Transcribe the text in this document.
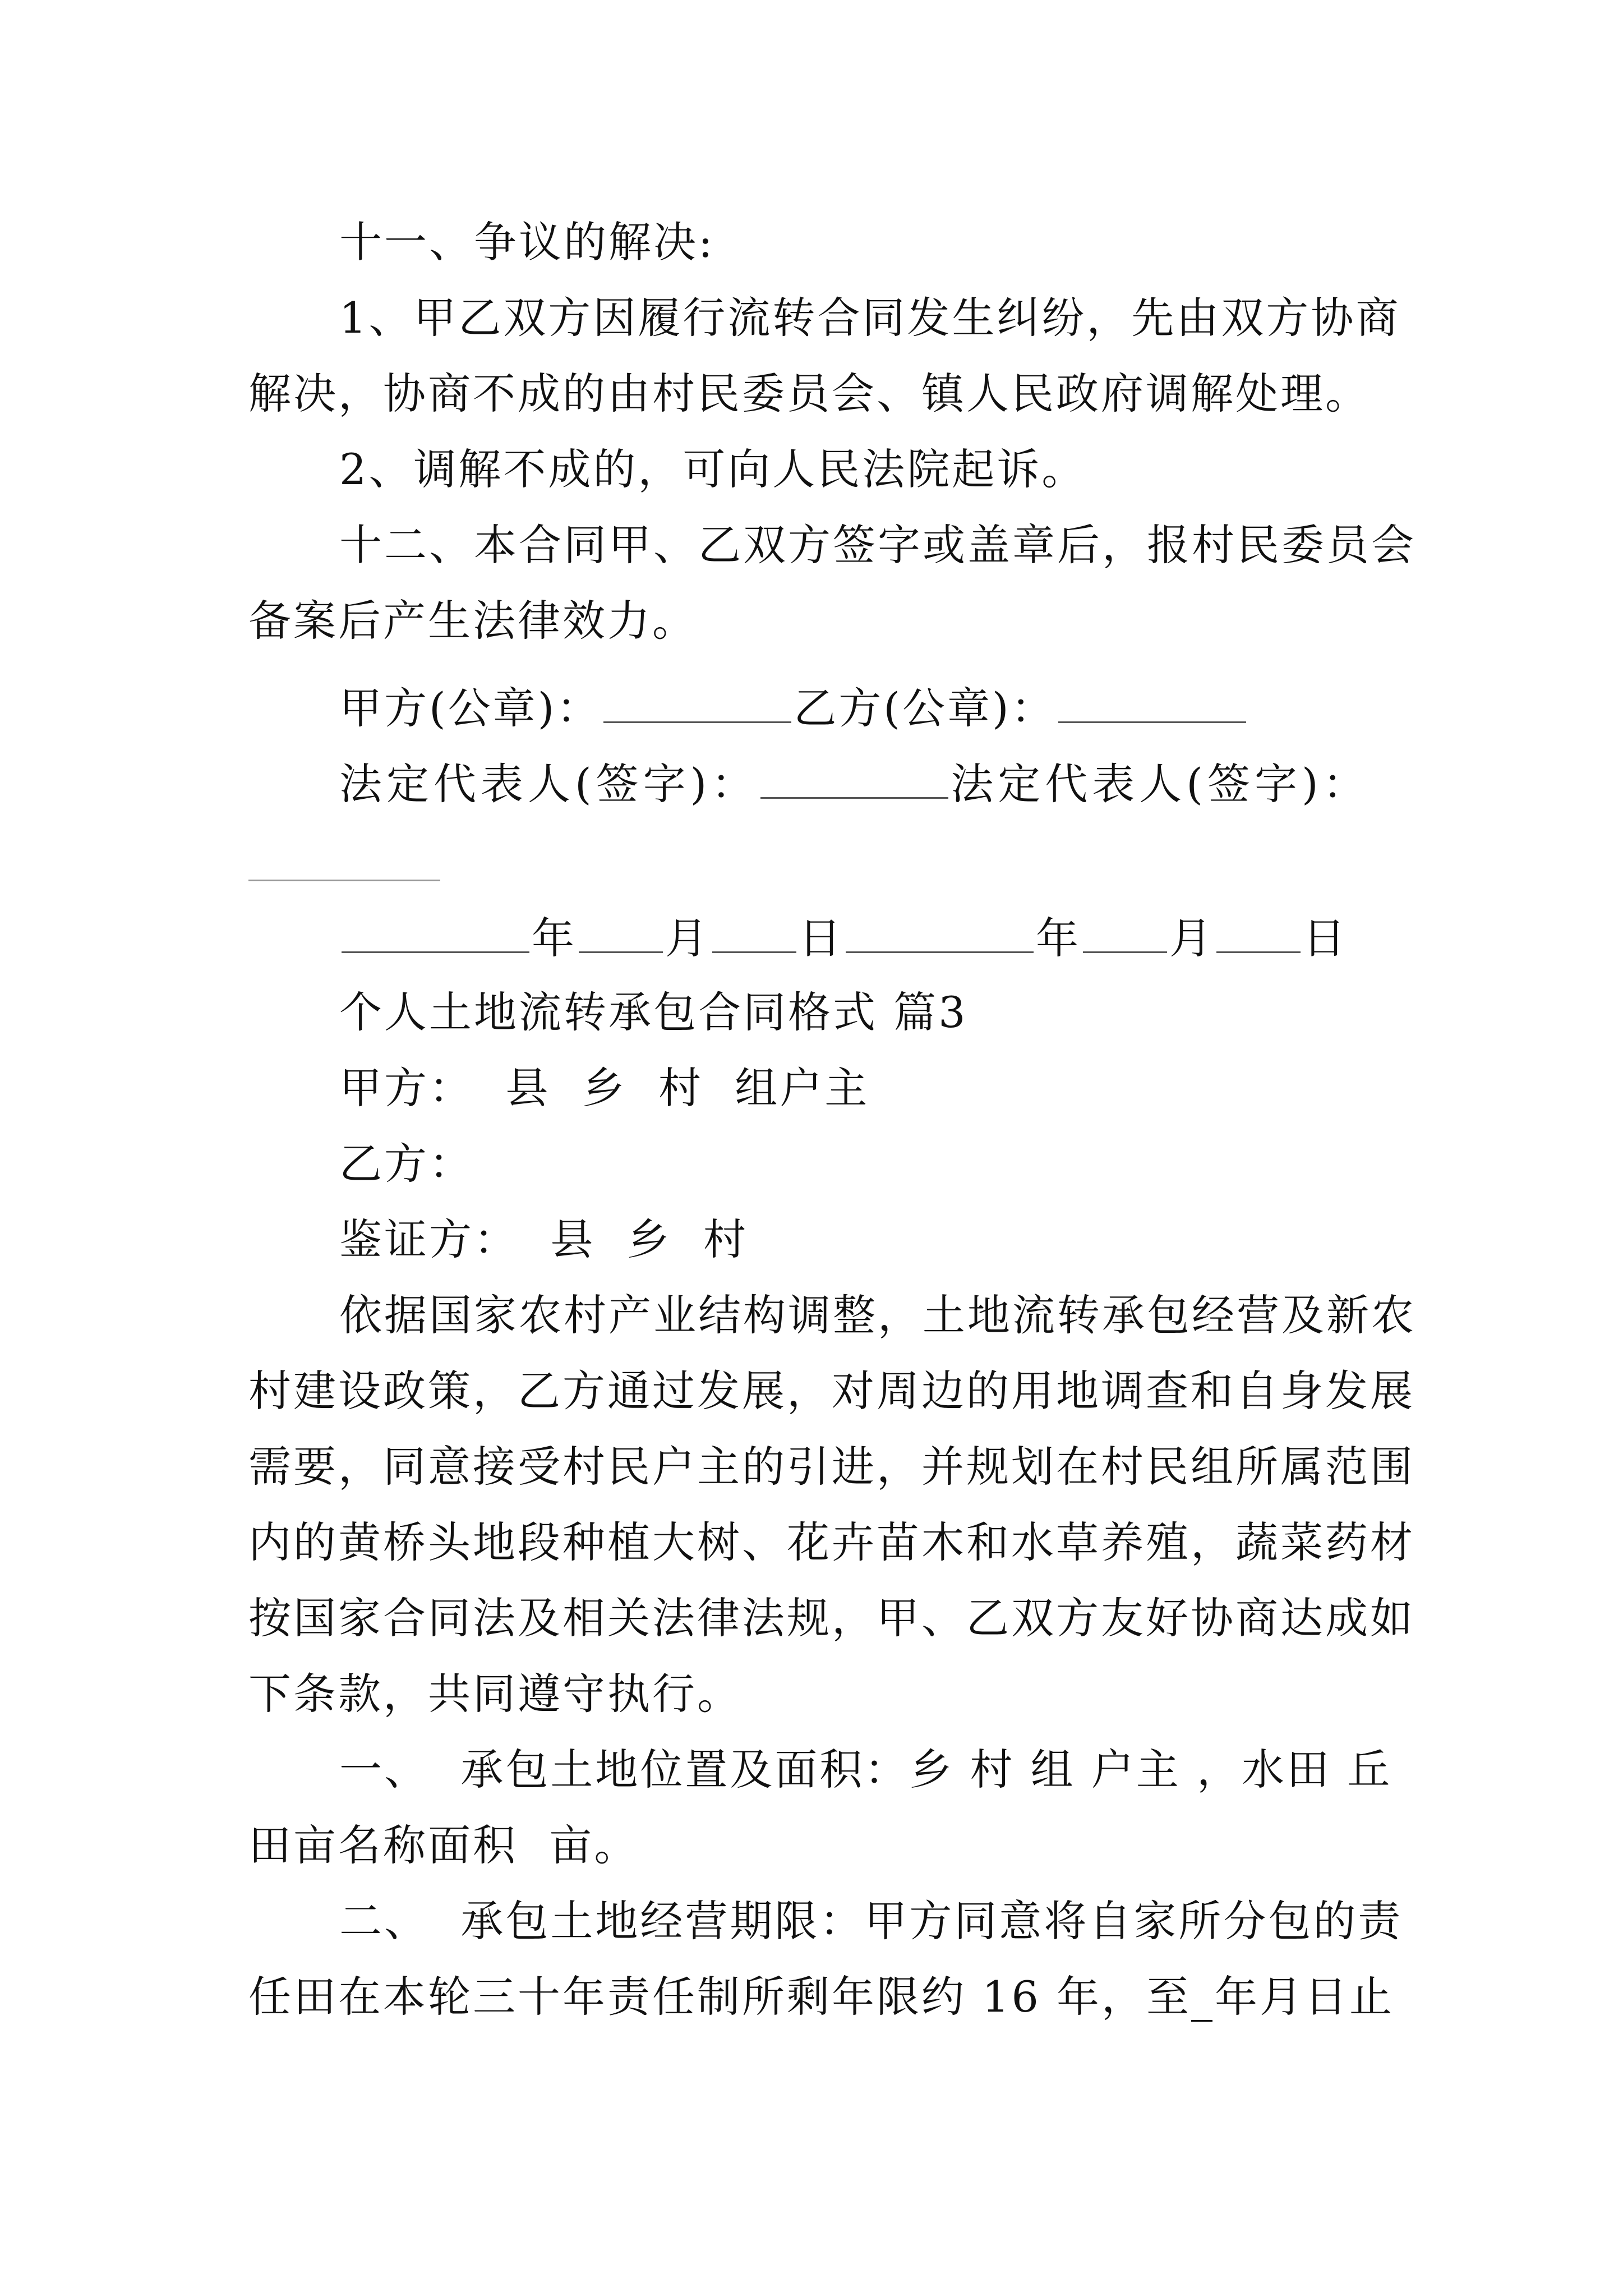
十一、争议的解决:
1、甲乙双方因履行流转合同发生纠纷，先由双方协商
解决，协商不成的由村民委员会、镇人民政府调解处理。
2、调解不成的，可向人民法院起诉。
十二、本合同甲、乙双方签字或盖章后，报村民委员会
备案后产生法律效力。
甲方(公章)：	乙方(公章)：
法定代表人(签字)：	法定代表人(签字)：
年 月 日	年 月 日
个人土地流转承包合同格式 篇3
甲方：  县  乡  村  组户主
乙方：
鉴证方：  县  乡  村
依据国家农村产业结构调整，土地流转承包经营及新农
村建设政策，乙方通过发展，对周边的用地调查和自身发展
需要，同意接受村民户主的引进，并规划在村民组所属范围
内的黄桥头地段种植大树、花卉苗木和水草养殖，蔬菜药材
按国家合同法及相关法律法规，甲、乙双方友好协商达成如
下条款，共同遵守执行。
一、  承包土地位置及面积：乡 村 组 户主 ，水田 丘
田亩名称面积  亩。
二、  承包土地经营期限：甲方同意将自家所分包的责
任田在本轮三十年责任制所剩年限约 16 年，至_年月日止
